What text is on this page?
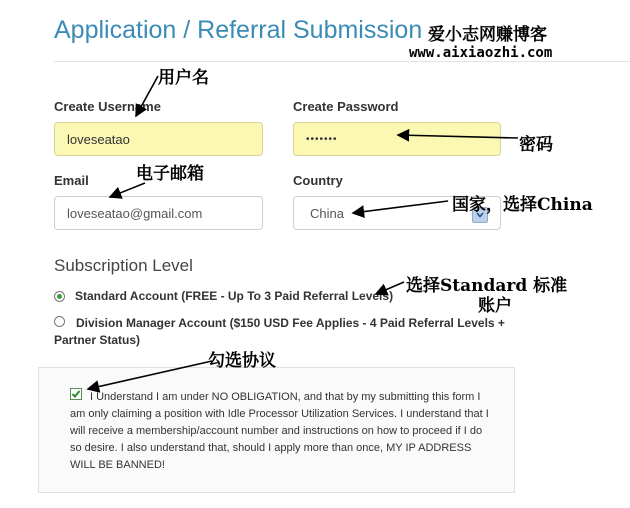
Application / Referral Submission
Create Username
loveseatao
Create Password
•••••••
Email
loveseatao@gmail.com
Country
China
Subscription Level
Standard Account (FREE - Up To 3 Paid Referral Levels)
Division Manager Account ($150 USD Fee Applies - 4 Paid Referral Levels + Partner Status)
I Understand I am under NO OBLIGATION, and that by my submitting this form I am only claiming a position with Idle Processor Utilization Services. I understand that I will receive a membership/account number and instructions on how to proceed if I do so desire. I also understand that, should I apply more than once, MY IP ADDRESS WILL BE BANNED!
爱小志网赚博客
www.aixiaozhi.com
用户名
密码
电子邮箱
国家，选择China
选择Standard 标准
账户
勾选协议
